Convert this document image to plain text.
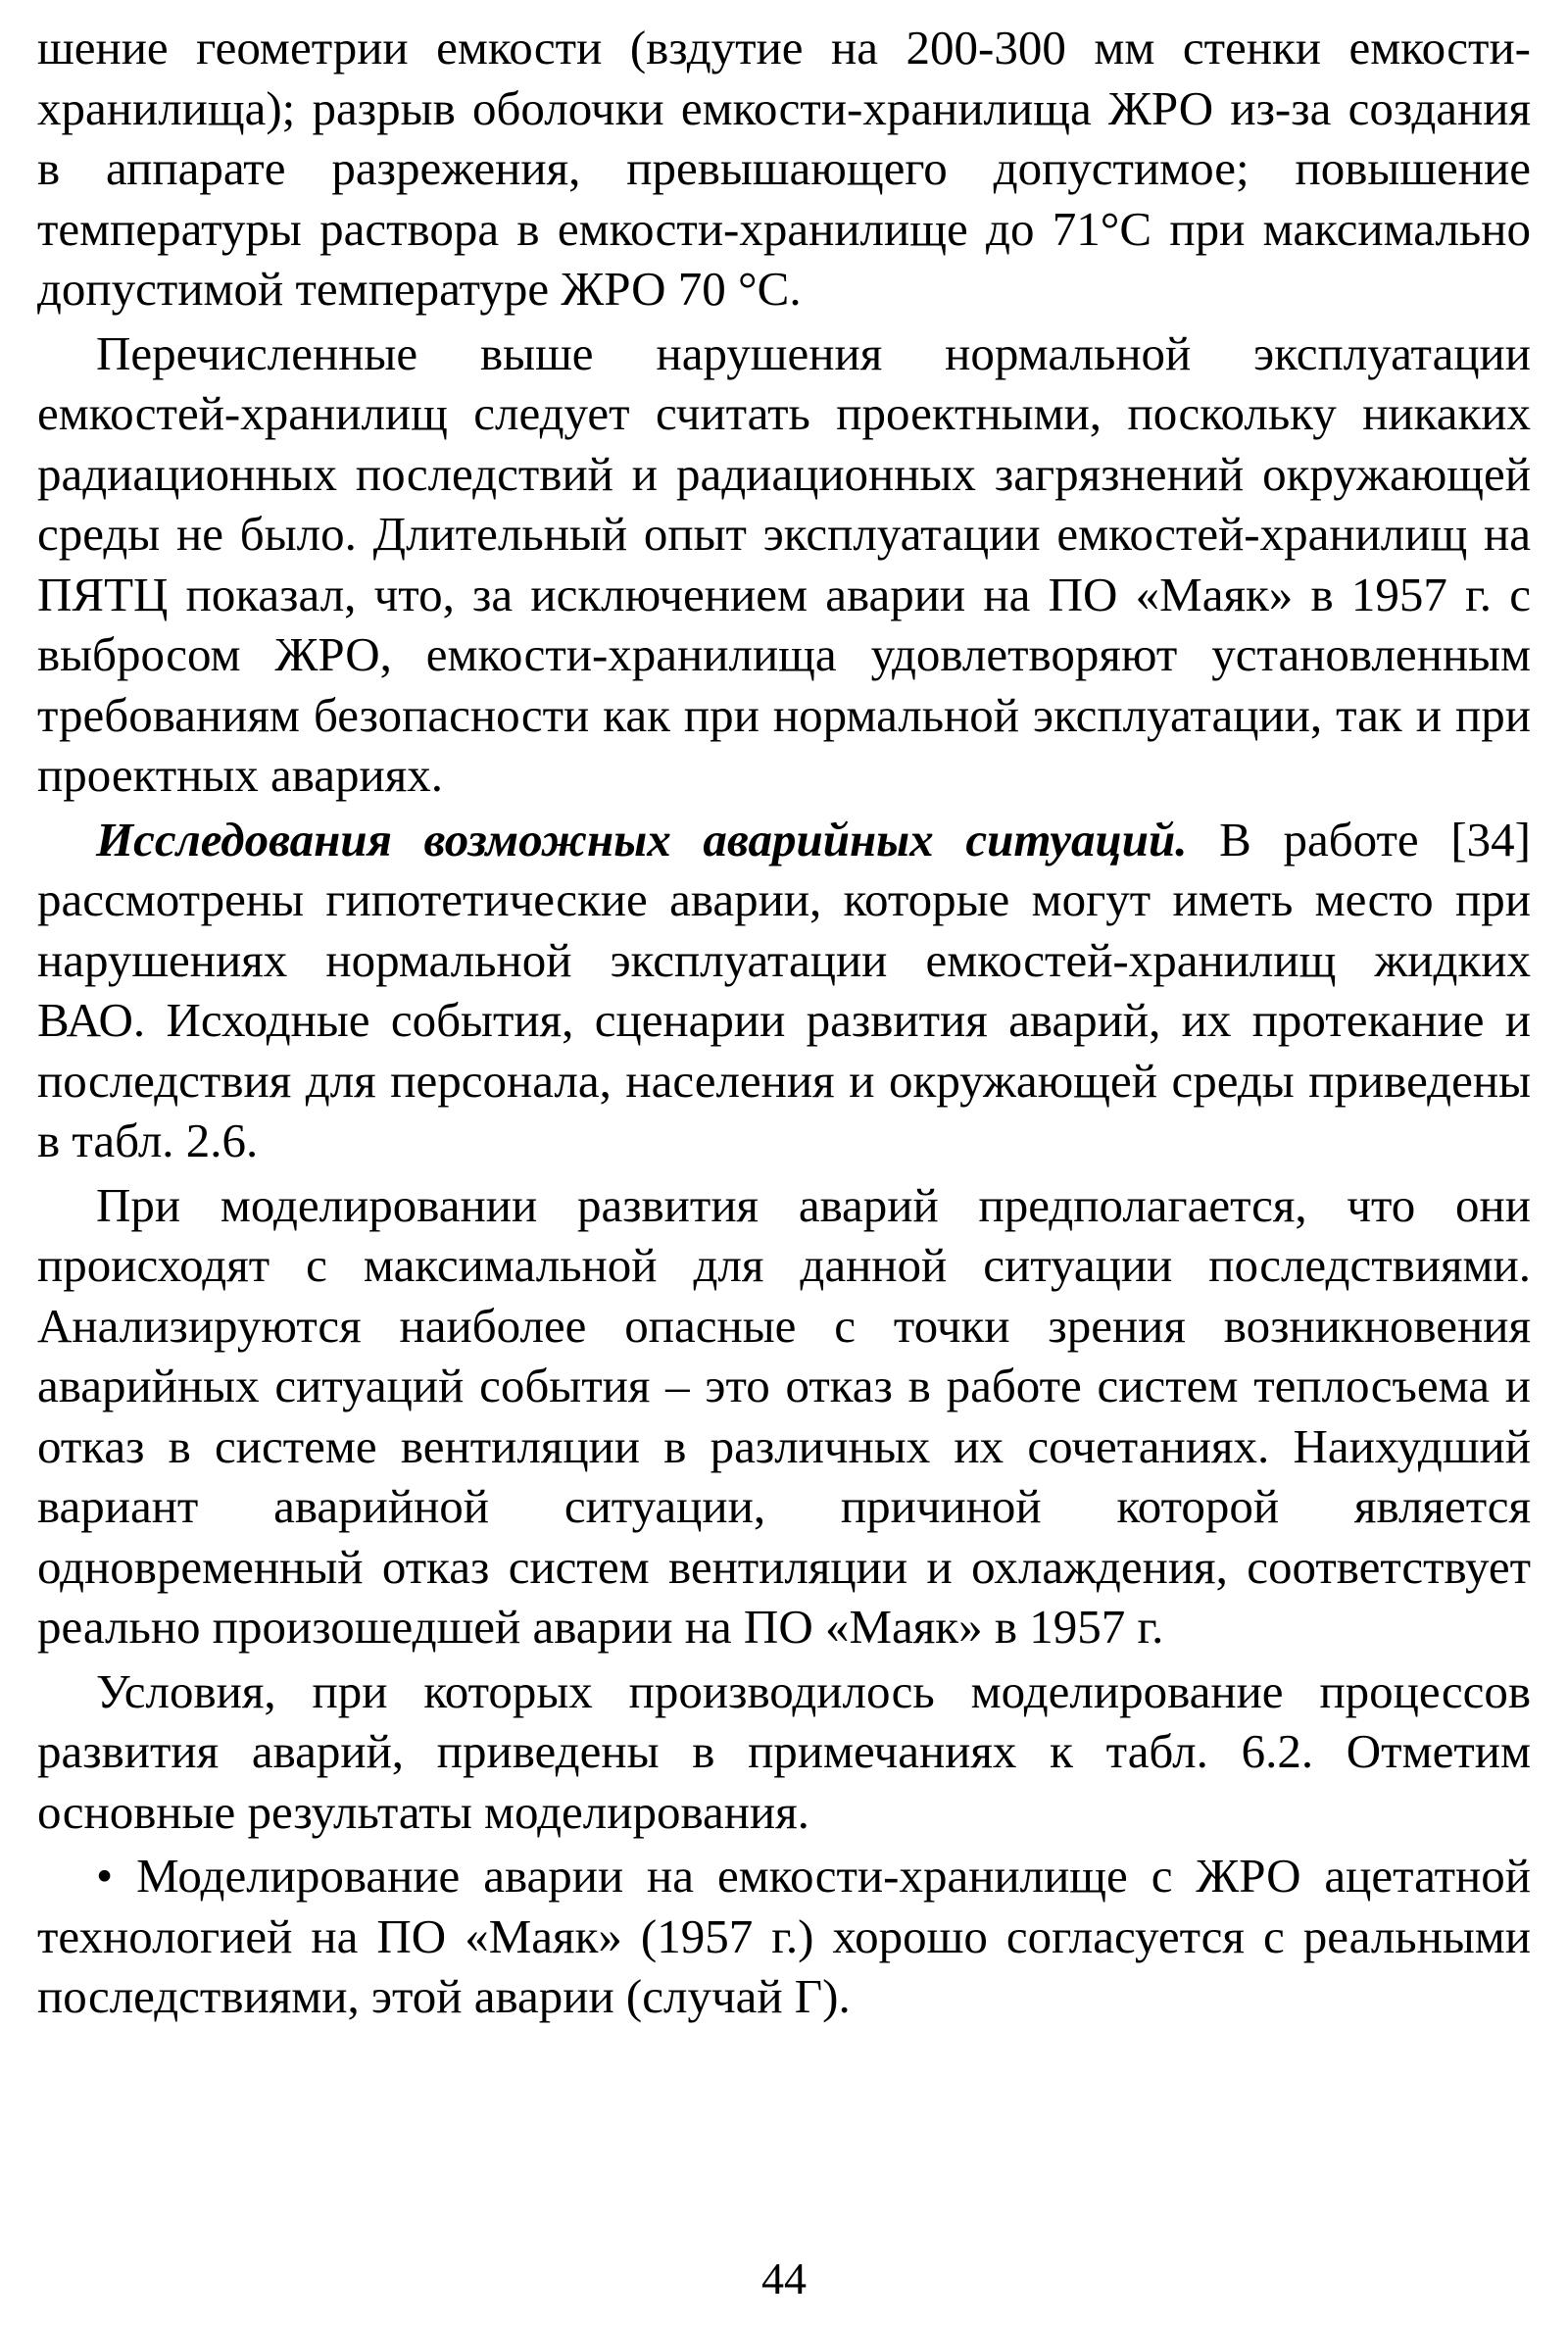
шение геометрии емкости (вздутие на 200-300 мм стенки емкости-хранилища); разрыв оболочки емкости-хранилища ЖРО из-за создания в аппарате разрежения, превышающего допустимое; повышение температуры раствора в емкости-хранилище до 71°С при максимально допустимой температуре ЖРО 70 °С.

Перечисленные выше нарушения нормальной эксплуатации емкостей-хранилищ следует считать проектными, поскольку никаких радиационных последствий и радиационных загрязнений окружающей среды не было. Длительный опыт эксплуатации емкостей-хранилищ на ПЯТЦ показал, что, за исключением аварии на ПО «Маяк» в 1957 г. с выбросом ЖРО, емкости-хранилища удовлетворяют установленным требованиям безопасности как при нормальной эксплуатации, так и при проектных авариях.

Исследования возможных аварийных ситуаций. В работе [34] рассмотрены гипотетические аварии, которые могут иметь место при нарушениях нормальной эксплуатации емкостей-хранилищ жидких ВАО. Исходные события, сценарии развития аварий, их протекание и последствия для персонала, населения и окружающей среды приведены в табл. 2.6.

При моделировании развития аварий предполагается, что они происходят с максимальной для данной ситуации последствиями. Анализируются наиболее опасные с точки зрения возникновения аварийных ситуаций события – это отказ в работе систем теплосъема и отказ в системе вентиляции в различных их сочетаниях. Наихудший вариант аварийной ситуации, причиной которой является одновременный отказ систем вентиляции и охлаждения, соответствует реально произошедшей аварии на ПО «Маяк» в 1957 г.

Условия, при которых производилось моделирование процессов развития аварий, приведены в примечаниях к табл. 6.2. Отметим основные результаты моделирования.

• Моделирование аварии на емкости-хранилище с ЖРО ацетатной технологией на ПО «Маяк» (1957 г.) хорошо согласуется с реальными последствиями, этой аварии (случай Г).

44
